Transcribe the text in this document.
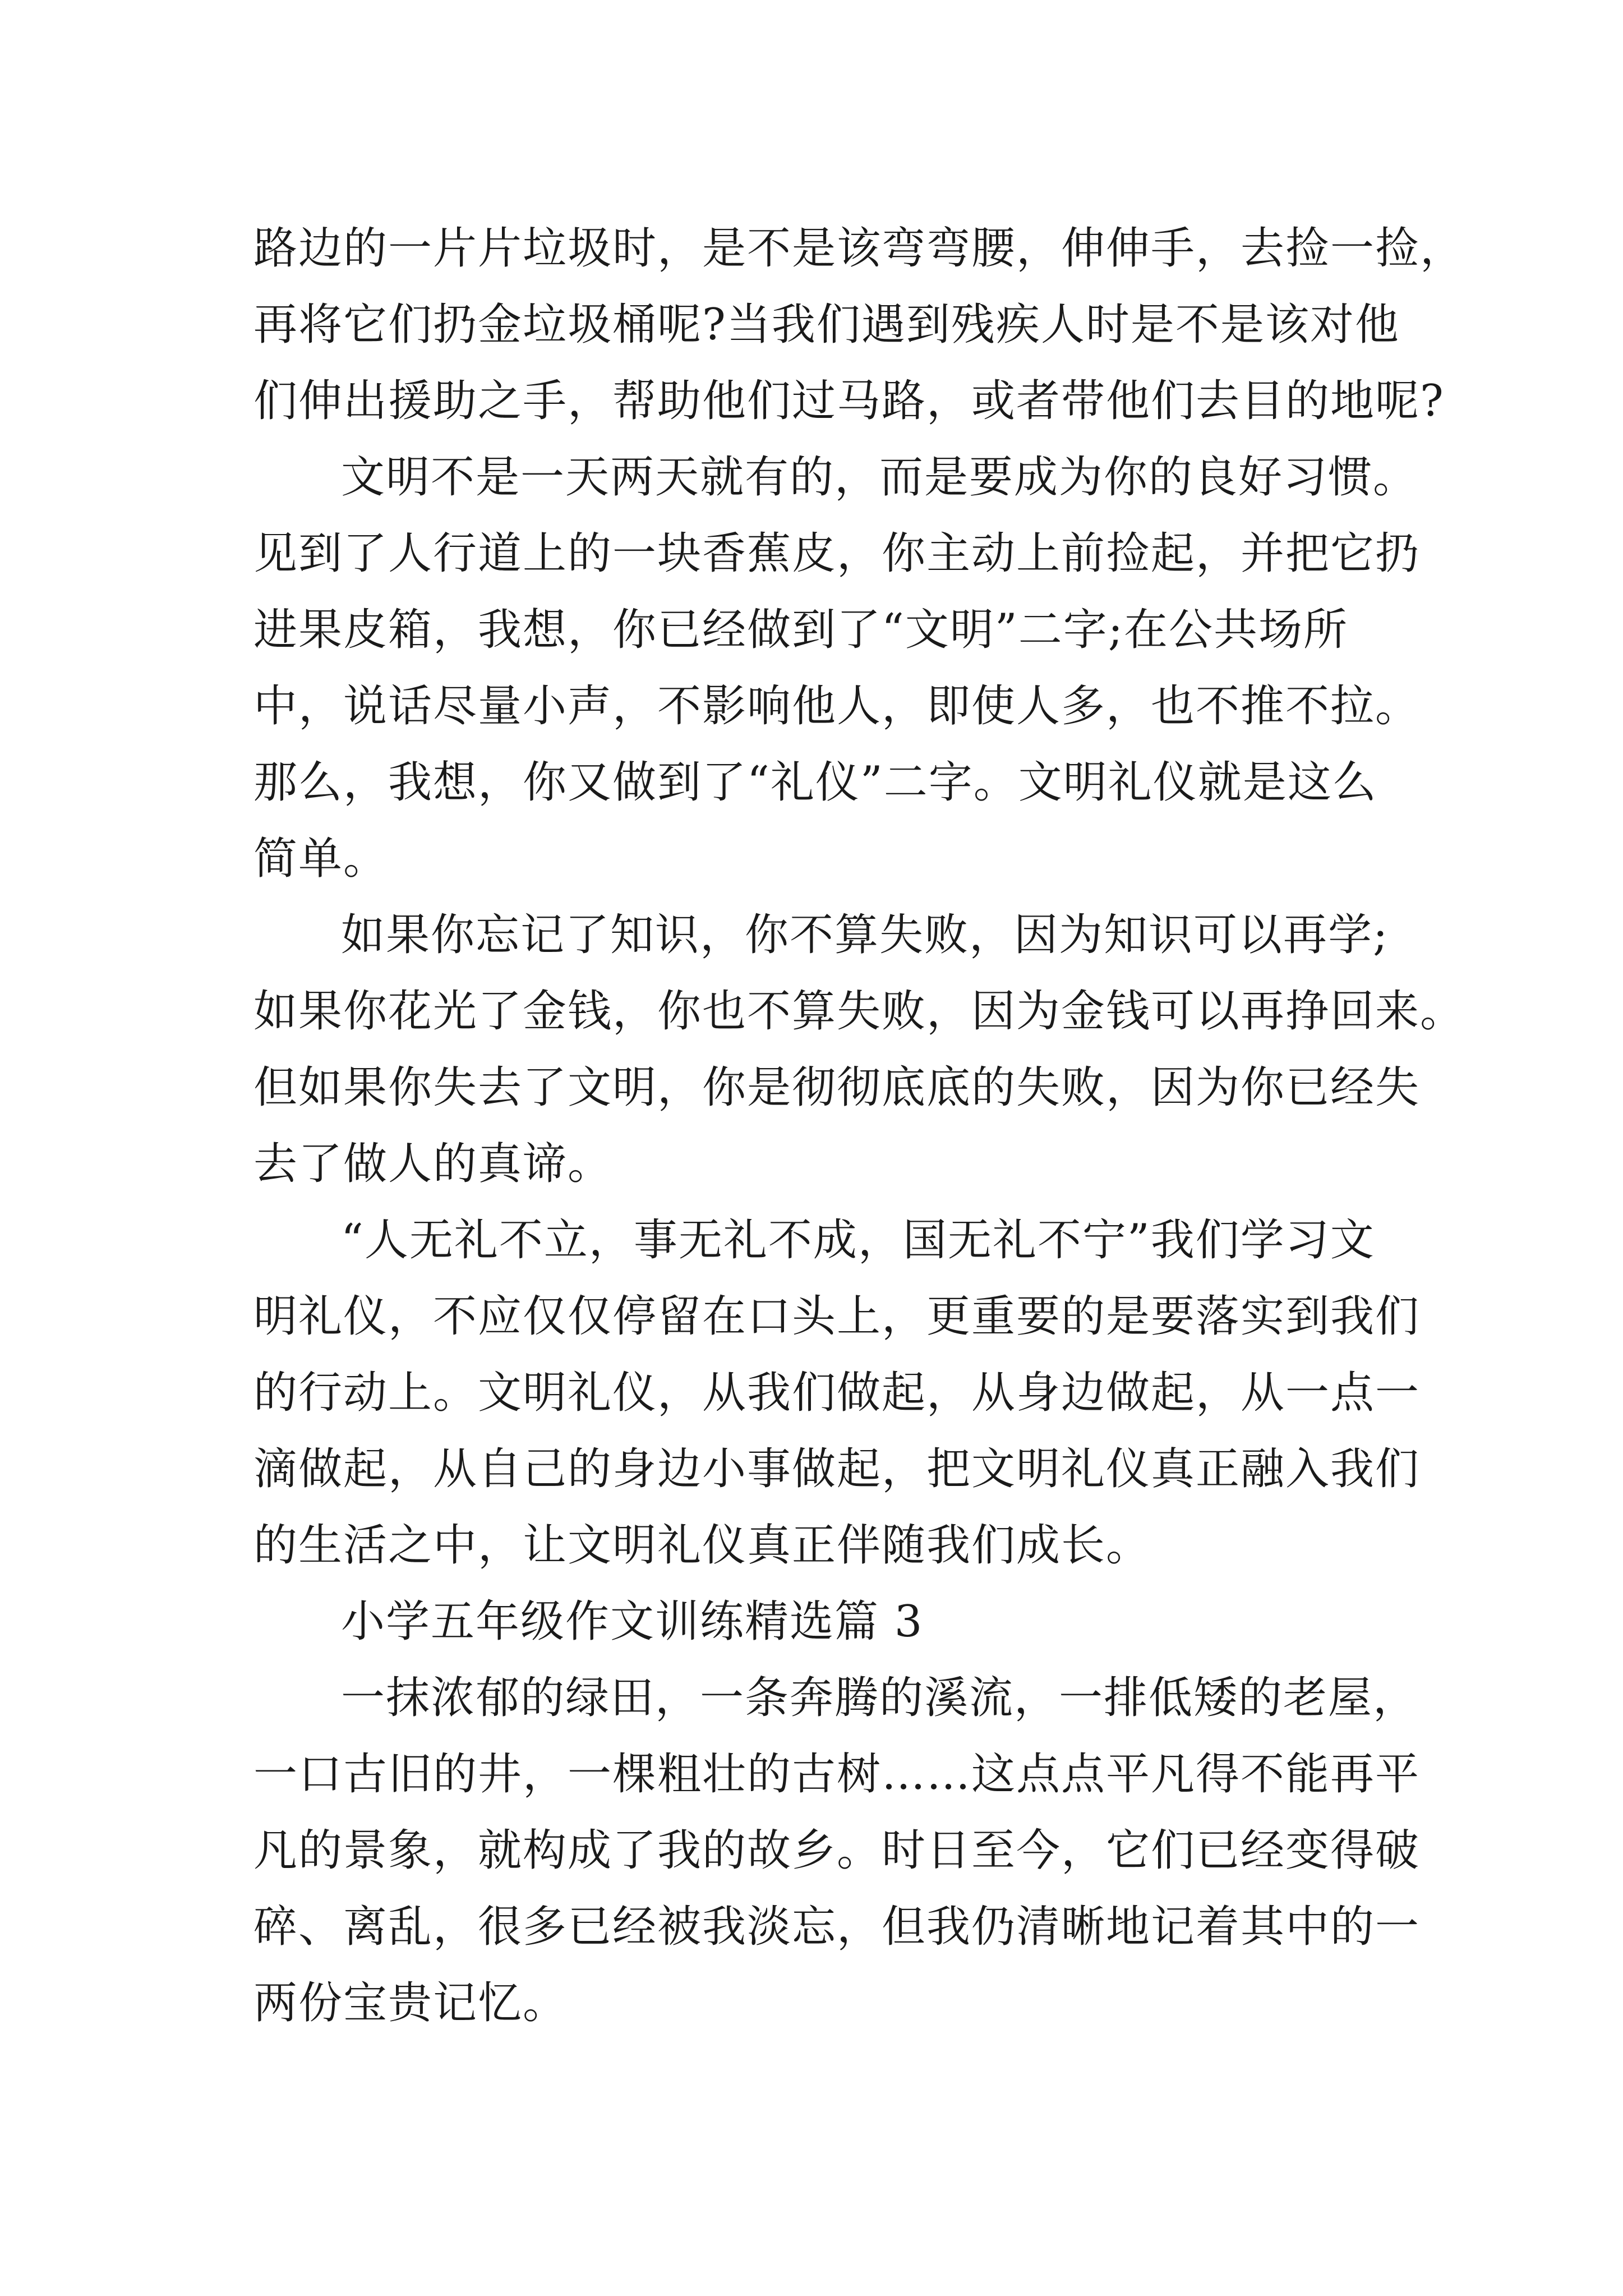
路边的一片片垃圾时，是不是该弯弯腰，伸伸手，去捡一捡，
再将它们扔金垃圾桶呢?当我们遇到残疾人时是不是该对他
们伸出援助之手，帮助他们过马路，或者带他们去目的地呢?
文明不是一天两天就有的，而是要成为你的良好习惯。
见到了人行道上的一块香蕉皮，你主动上前捡起，并把它扔
进果皮箱，我想，你已经做到了“文明”二字;在公共场所
中，说话尽量小声，不影响他人，即使人多，也不推不拉。
那么，我想，你又做到了“礼仪”二字。文明礼仪就是这么
简单。
如果你忘记了知识，你不算失败，因为知识可以再学;
如果你花光了金钱，你也不算失败，因为金钱可以再挣回来。
但如果你失去了文明，你是彻彻底底的失败，因为你已经失
去了做人的真谛。
“人无礼不立，事无礼不成，国无礼不宁”我们学习文
明礼仪，不应仅仅停留在口头上，更重要的是要落实到我们
的行动上。文明礼仪，从我们做起，从身边做起，从一点一
滴做起，从自己的身边小事做起，把文明礼仪真正融入我们
的生活之中，让文明礼仪真正伴随我们成长。
小学五年级作文训练精选篇 3
一抹浓郁的绿田，一条奔腾的溪流，一排低矮的老屋，
一口古旧的井，一棵粗壮的古树……这点点平凡得不能再平
凡的景象，就构成了我的故乡。时日至今，它们已经变得破
碎、离乱，很多已经被我淡忘，但我仍清晰地记着其中的一
两份宝贵记忆。
